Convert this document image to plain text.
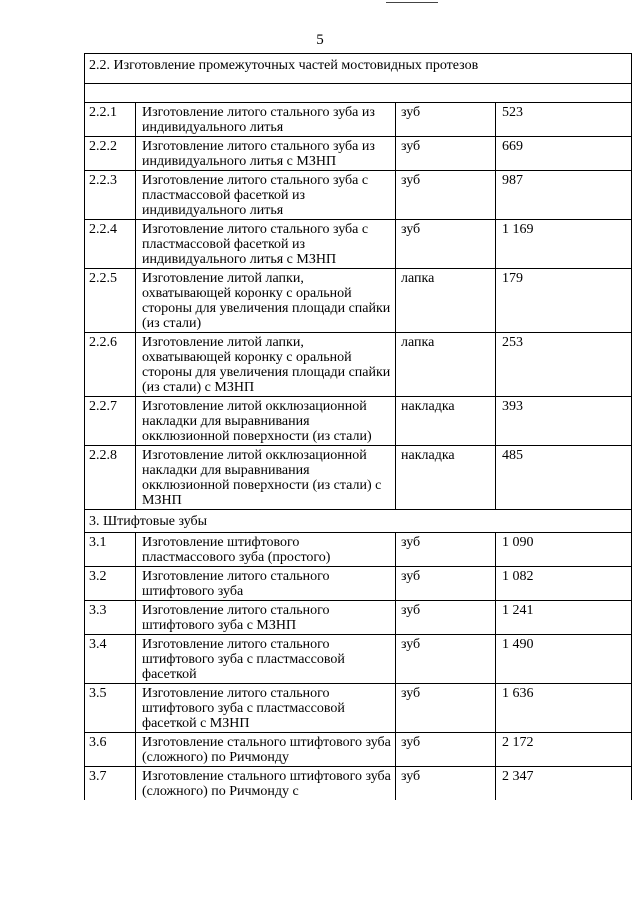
5
2.2. Изготовление промежуточных частей мостовидных протезов			

2.2.1	Изготовление литого стального зуба из индивидуального литья	зуб	523
2.2.2	Изготовление литого стального зуба из индивидуального литья с МЗНП	зуб	669
2.2.3	Изготовление литого стального зуба с пластмассовой фасеткой из индивидуального литья	зуб	987
2.2.4	Изготовление литого стального зуба с пластмассовой фасеткой из индивидуального литья с МЗНП	зуб	1 169
2.2.5	Изготовление литой лапки, охватывающей коронку с оральной стороны для увеличения площади спайки (из стали)	лапка	179
2.2.6	Изготовление литой лапки, охватывающей коронку с оральной стороны для увеличения площади спайки (из стали) с МЗНП	лапка	253
2.2.7	Изготовление литой окклюзационной накладки для выравнивания окклюзионной поверхности (из стали)	накладка	393
2.2.8	Изготовление литой окклюзационной накладки для выравнивания окклюзионной поверхности (из стали) с МЗНП	накладка	485
3. Штифтовые зубы			
3.1	Изготовление штифтового пластмассового зуба (простого)	зуб	1 090
3.2	Изготовление литого стального штифтового зуба	зуб	1 082
3.3	Изготовление литого стального штифтового зуба с МЗНП	зуб	1 241
3.4	Изготовление литого стального штифтового зуба с пластмассовой фасеткой	зуб	1 490
3.5	Изготовление литого стального штифтового зуба с пластмассовой фасеткой с МЗНП	зуб	1 636
3.6	Изготовление стального штифтового зуба (сложного) по Ричмонду	зуб	2 172
3.7	Изготовление стального штифтового зуба (сложного) по Ричмонду с	зуб	2 347
